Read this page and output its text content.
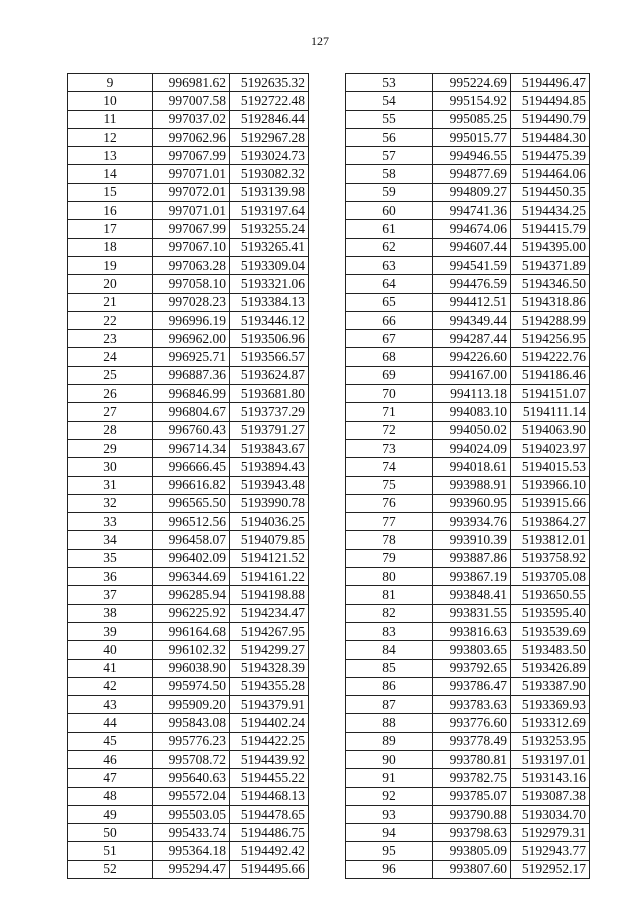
127
9	996981.62	5192635.32
10	997007.58	5192722.48
11	997037.02	5192846.44
12	997062.96	5192967.28
13	997067.99	5193024.73
14	997071.01	5193082.32
15	997072.01	5193139.98
16	997071.01	5193197.64
17	997067.99	5193255.24
18	997067.10	5193265.41
19	997063.28	5193309.04
20	997058.10	5193321.06
21	997028.23	5193384.13
22	996996.19	5193446.12
23	996962.00	5193506.96
24	996925.71	5193566.57
25	996887.36	5193624.87
26	996846.99	5193681.80
27	996804.67	5193737.29
28	996760.43	5193791.27
29	996714.34	5193843.67
30	996666.45	5193894.43
31	996616.82	5193943.48
32	996565.50	5193990.78
33	996512.56	5194036.25
34	996458.07	5194079.85
35	996402.09	5194121.52
36	996344.69	5194161.22
37	996285.94	5194198.88
38	996225.92	5194234.47
39	996164.68	5194267.95
40	996102.32	5194299.27
41	996038.90	5194328.39
42	995974.50	5194355.28
43	995909.20	5194379.91
44	995843.08	5194402.24
45	995776.23	5194422.25
46	995708.72	5194439.92
47	995640.63	5194455.22
48	995572.04	5194468.13
49	995503.05	5194478.65
50	995433.74	5194486.75
51	995364.18	5194492.42
52	995294.47	5194495.66
53	995224.69	5194496.47
54	995154.92	5194494.85
55	995085.25	5194490.79
56	995015.77	5194484.30
57	994946.55	5194475.39
58	994877.69	5194464.06
59	994809.27	5194450.35
60	994741.36	5194434.25
61	994674.06	5194415.79
62	994607.44	5194395.00
63	994541.59	5194371.89
64	994476.59	5194346.50
65	994412.51	5194318.86
66	994349.44	5194288.99
67	994287.44	5194256.95
68	994226.60	5194222.76
69	994167.00	5194186.46
70	994113.18	5194151.07
71	994083.10	5194111.14
72	994050.02	5194063.90
73	994024.09	5194023.97
74	994018.61	5194015.53
75	993988.91	5193966.10
76	993960.95	5193915.66
77	993934.76	5193864.27
78	993910.39	5193812.01
79	993887.86	5193758.92
80	993867.19	5193705.08
81	993848.41	5193650.55
82	993831.55	5193595.40
83	993816.63	5193539.69
84	993803.65	5193483.50
85	993792.65	5193426.89
86	993786.47	5193387.90
87	993783.63	5193369.93
88	993776.60	5193312.69
89	993778.49	5193253.95
90	993780.81	5193197.01
91	993782.75	5193143.16
92	993785.07	5193087.38
93	993790.88	5193034.70
94	993798.63	5192979.31
95	993805.09	5192943.77
96	993807.60	5192952.17
